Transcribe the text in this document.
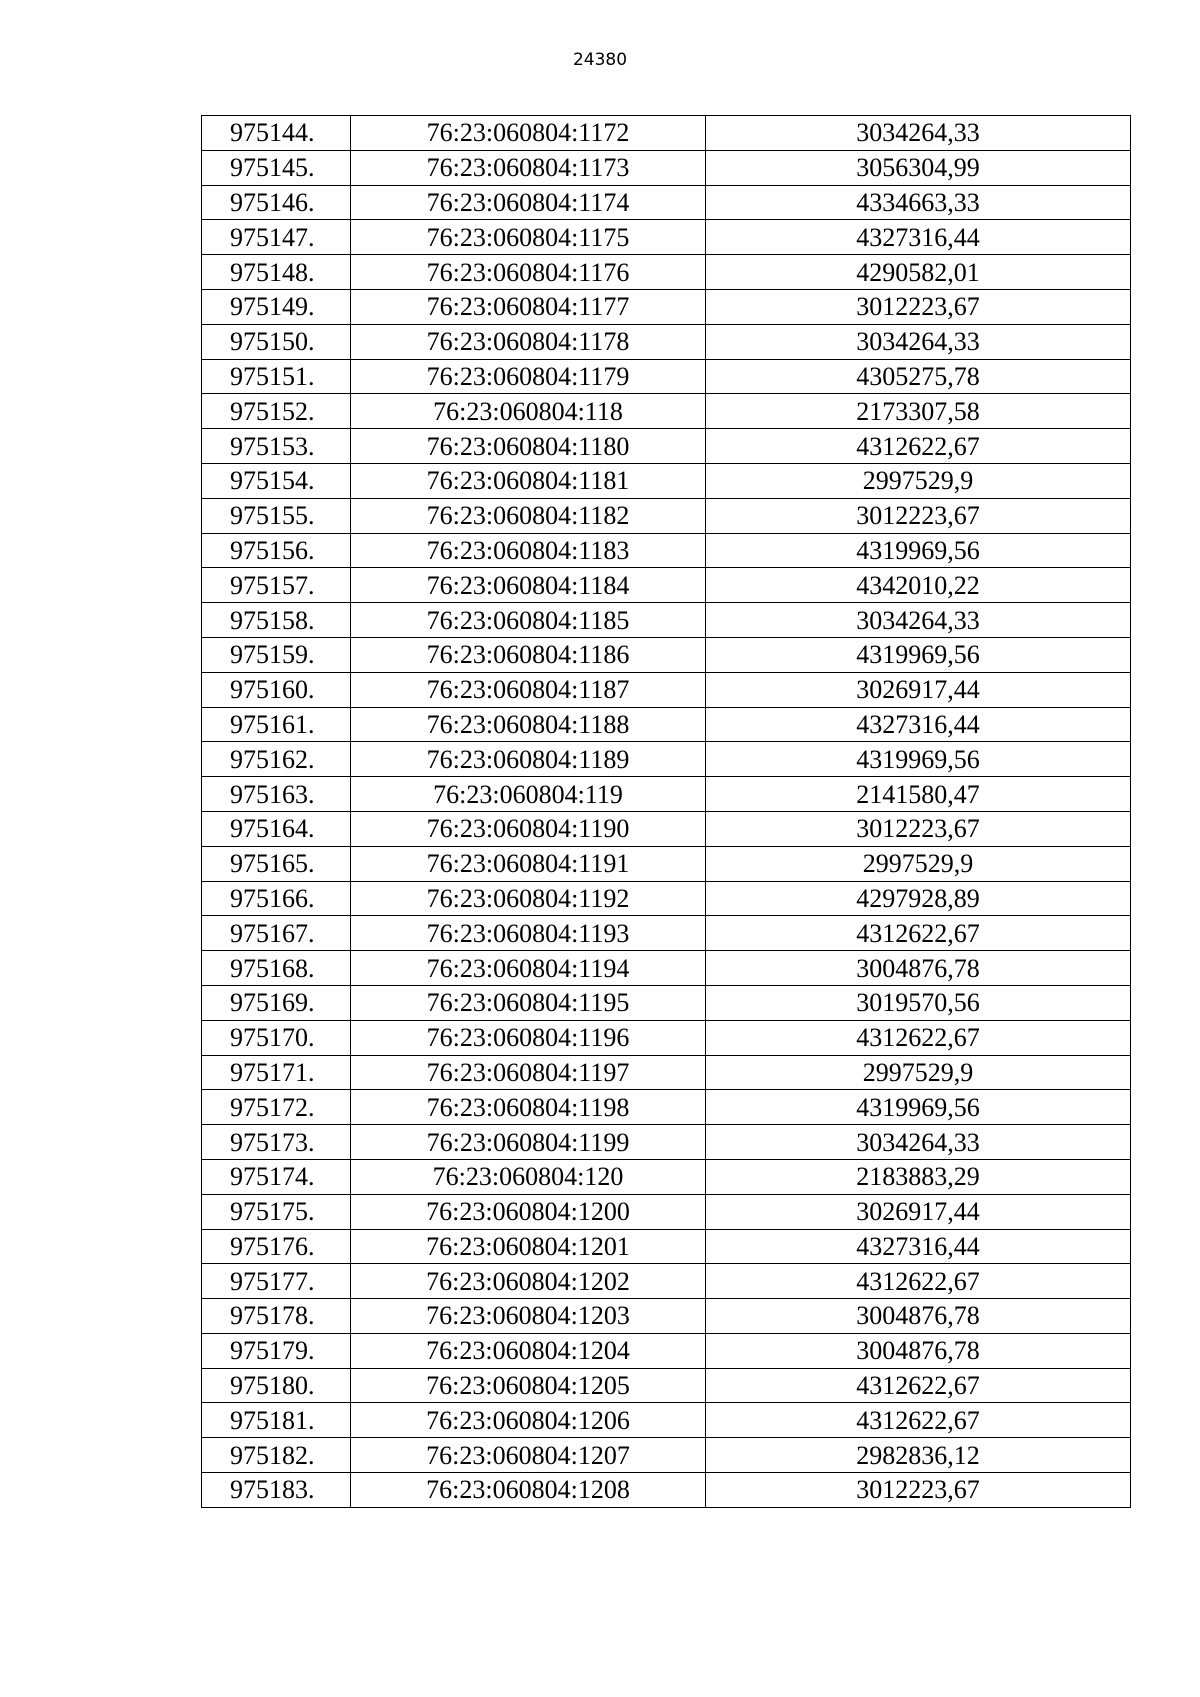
24380
975144.	76:23:060804:1172	3034264,33
975145.	76:23:060804:1173	3056304,99
975146.	76:23:060804:1174	4334663,33
975147.	76:23:060804:1175	4327316,44
975148.	76:23:060804:1176	4290582,01
975149.	76:23:060804:1177	3012223,67
975150.	76:23:060804:1178	3034264,33
975151.	76:23:060804:1179	4305275,78
975152.	76:23:060804:118	2173307,58
975153.	76:23:060804:1180	4312622,67
975154.	76:23:060804:1181	2997529,9
975155.	76:23:060804:1182	3012223,67
975156.	76:23:060804:1183	4319969,56
975157.	76:23:060804:1184	4342010,22
975158.	76:23:060804:1185	3034264,33
975159.	76:23:060804:1186	4319969,56
975160.	76:23:060804:1187	3026917,44
975161.	76:23:060804:1188	4327316,44
975162.	76:23:060804:1189	4319969,56
975163.	76:23:060804:119	2141580,47
975164.	76:23:060804:1190	3012223,67
975165.	76:23:060804:1191	2997529,9
975166.	76:23:060804:1192	4297928,89
975167.	76:23:060804:1193	4312622,67
975168.	76:23:060804:1194	3004876,78
975169.	76:23:060804:1195	3019570,56
975170.	76:23:060804:1196	4312622,67
975171.	76:23:060804:1197	2997529,9
975172.	76:23:060804:1198	4319969,56
975173.	76:23:060804:1199	3034264,33
975174.	76:23:060804:120	2183883,29
975175.	76:23:060804:1200	3026917,44
975176.	76:23:060804:1201	4327316,44
975177.	76:23:060804:1202	4312622,67
975178.	76:23:060804:1203	3004876,78
975179.	76:23:060804:1204	3004876,78
975180.	76:23:060804:1205	4312622,67
975181.	76:23:060804:1206	4312622,67
975182.	76:23:060804:1207	2982836,12
975183.	76:23:060804:1208	3012223,67
